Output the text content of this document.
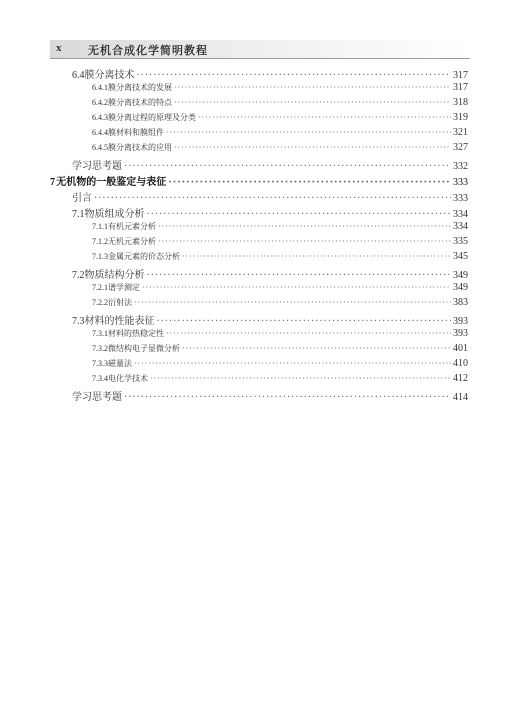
x 无机合成化学简明教程
6.4 膜分离技术 ·····	317
6.4.1 膜分离技术的发展 ·····	317
6.4.2 膜分离技术的特点 ·····	318
6.4.3 膜分离过程的原理及分类 ·····	319
6.4.4 膜材料和膜组件 ·····	321
6.4.5 膜分离技术的应用 ·····	327
学习思考题 ·····	332
7 无机物的一般鉴定与表征 ·····	333
引言 ·····	333
7.1 物质组成分析 ·····	334
7.1.1 有机元素分析 ·····	334
7.1.2 无机元素分析 ·····	335
7.1.3 金属元素的价态分析 ·····	345
7.2 物质结构分析 ·····	349
7.2.1 谱学测定 ·····	349
7.2.2 衍射法 ·····	383
7.3 材料的性能表征 ·····	393
7.3.1 材料的热稳定性 ·····	393
7.3.2 微结构电子显微分析 ·····	401
7.3.3 磁量法 ·····	410
7.3.4 电化学技术 ·····	412
学习思考题 ·····	414
